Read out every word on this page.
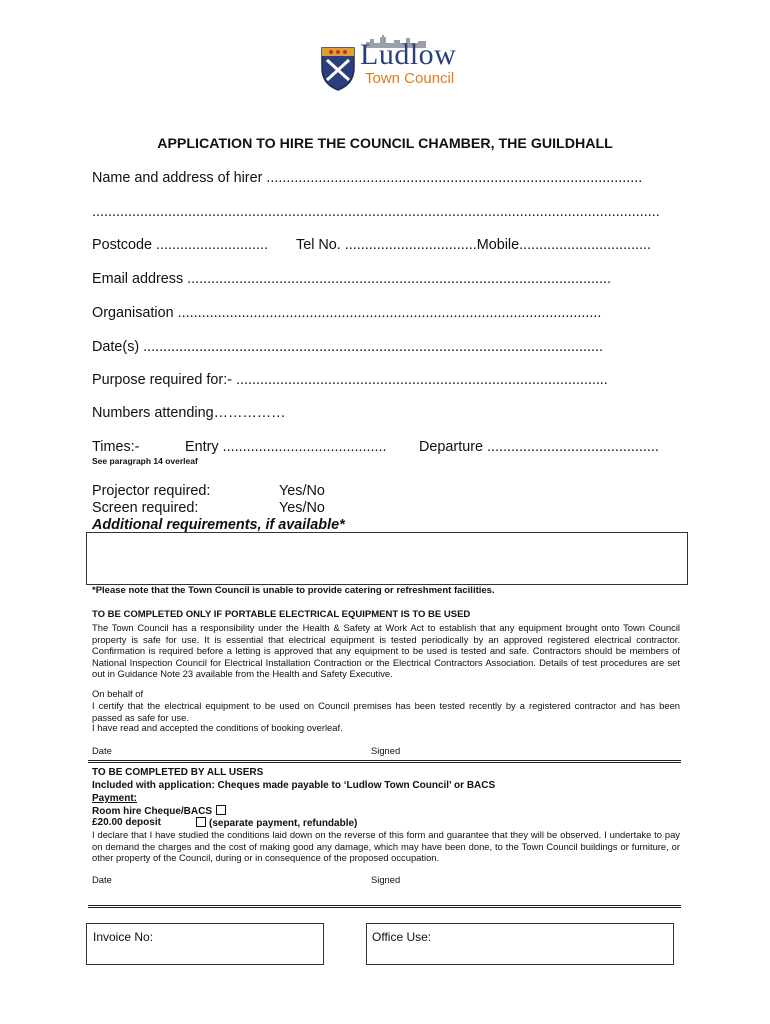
Ludlow
Town Council
APPLICATION TO HIRE THE COUNCIL CHAMBER, THE GUILDHALL
Name and address of hirer ..............................................................................................
..............................................................................................................................................
Postcode ............................ Tel No. .................................Mobile.................................
Email address ..........................................................................................................
Organisation ..........................................................................................................
Date(s) ...................................................................................................................
Purpose required for:- .............................................................................................
Numbers attending……………
Times:-	Entry ......................................... Departure ...........................................
See paragraph 14 overleaf
Projector required:	Yes/No
Screen required:	Yes/No
Additional requirements, if available*
*Please note that the Town Council is unable to provide catering or refreshment facilities.
TO BE COMPLETED ONLY IF PORTABLE ELECTRICAL EQUIPMENT IS TO BE USED
The Town Council has a responsibility under the Health & Safety at Work Act to establish that any equipment brought onto Town Council property is safe for use. It is essential that electrical equipment is tested periodically by an approved registered electrical contractor. Confirmation is required before a letting is approved that any equipment to be used is tested and safe. Contractors should be members of National Inspection Council for Electrical Installation Contraction or the Electrical Contractors Association. Details of test procedures are set out in Guidance Note 23 available from the Health and Safety Executive.
On behalf of
I certify that the electrical equipment to be used on Council premises has been tested recently by a registered contractor and has been passed as safe for use.
I have read and accepted the conditions of booking overleaf.
Date	Signed
TO BE COMPLETED BY ALL USERS
Included with application: Cheques made payable to ‘Ludlow Town Council’ or BACS
Payment:
Room hire Cheque/BACS
£20.00 deposit	(separate payment, refundable)
I declare that I have studied the conditions laid down on the reverse of this form and guarantee that they will be observed. I undertake to pay on demand the charges and the cost of making good any damage, which may have been done, to the Town Council buildings or furniture, or other property of the Council, during or in consequence of the proposed occupation.
Date	Signed
Invoice No:	Office Use:
